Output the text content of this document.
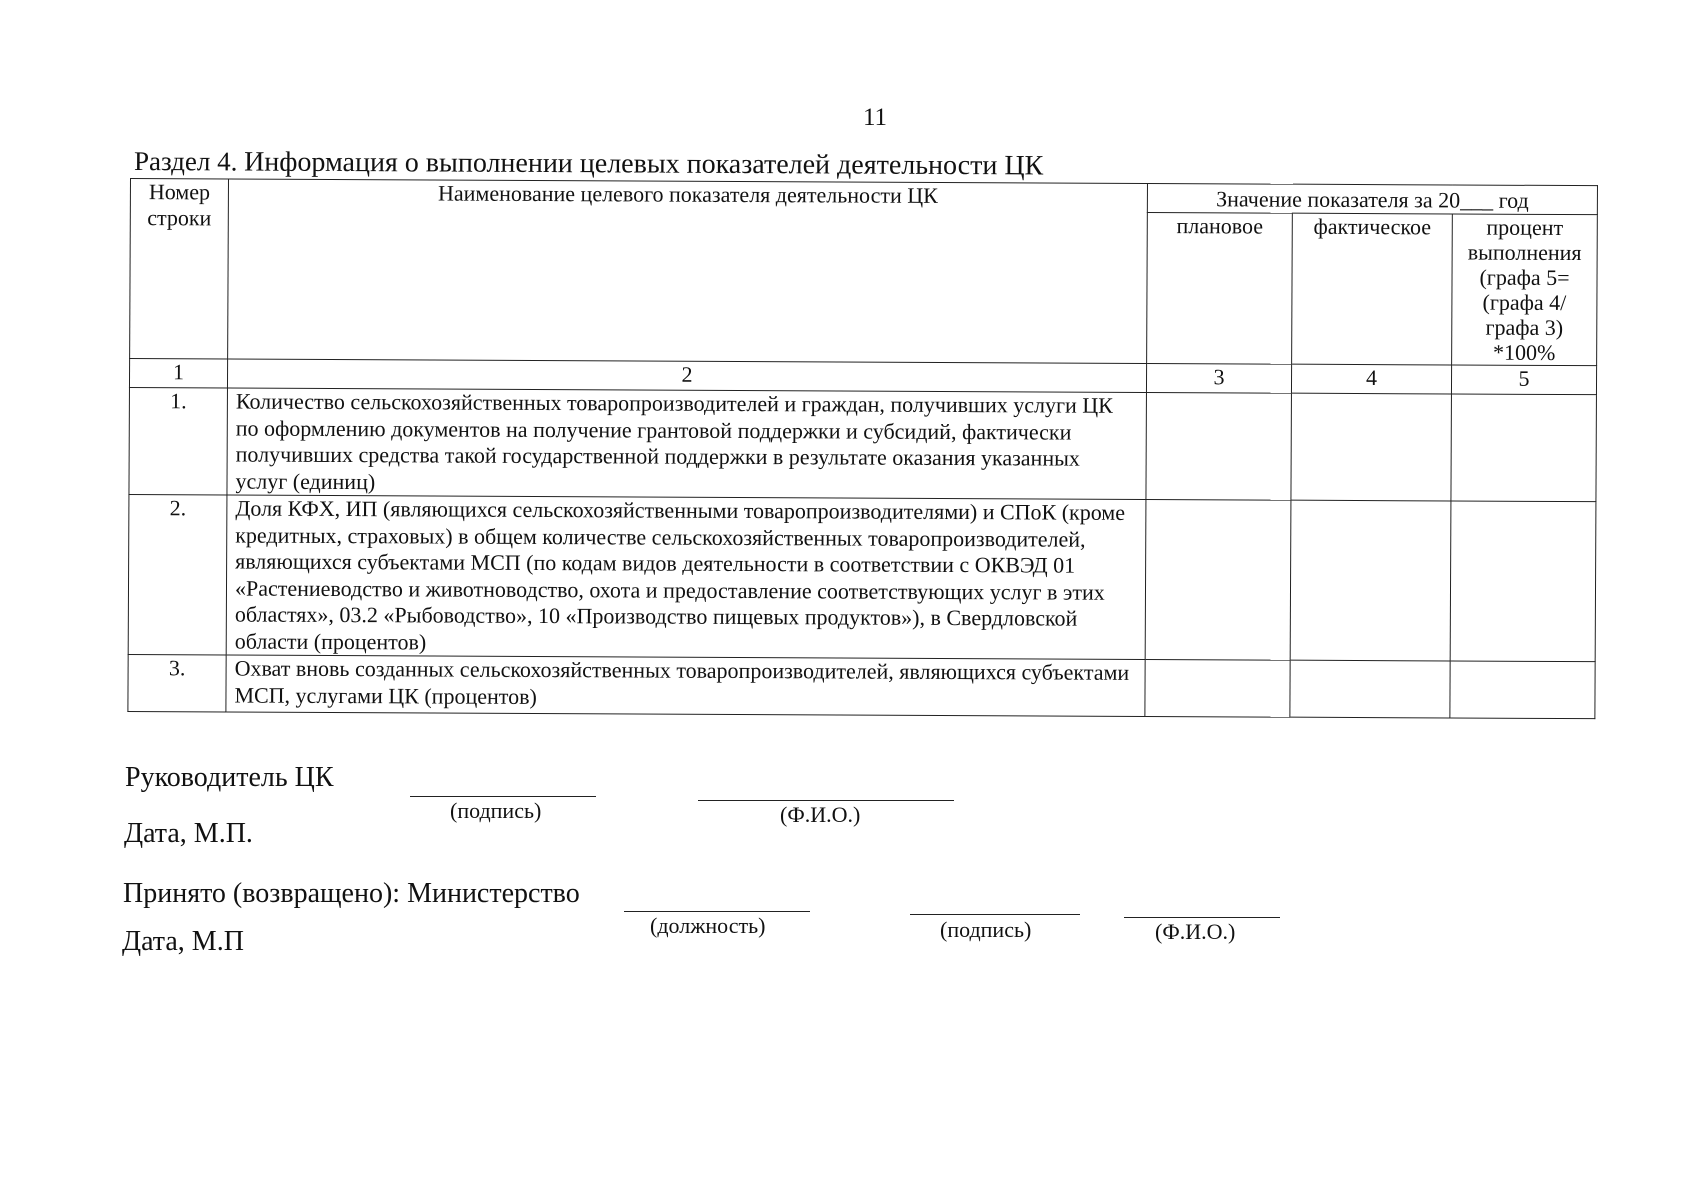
11
Раздел 4. Информация о выполнении целевых показателей деятельности ЦК
Номер строки	Наименование целевого показателя деятельности ЦК	Значение показателя за 20___ год		
		плановое	фактическое	процент выполнения (графа 5= (графа 4/ графа 3) *100%
1	2	3	4	5
1.	Количество сельскохозяйственных товаропроизводителей и граждан, получивших услуги ЦК по оформлению документов на получение грантовой поддержки и субсидий, фактически получивших средства такой государственной поддержки в результате оказания указанных услуг (единиц)			
2.	Доля КФХ, ИП (являющихся сельскохозяйственными товаропроизводителями) и СПоК (кроме кредитных, страховых) в общем количестве сельскохозяйственных товаропроизводителей, являющихся субъектами МСП (по кодам видов деятельности в соответствии с ОКВЭД 01 «Растениеводство и животноводство, охота и предоставление соответствующих услуг в этих областях», 03.2 «Рыбоводство», 10 «Производство пищевых продуктов»), в Свердловской области (процентов)			
3.	Охват вновь созданных сельскохозяйственных товаропроизводителей, являющихся субъектами МСП, услугами ЦК (процентов)			
Руководитель ЦК
(подпись)	(Ф.И.О.)
Дата, М.П.
Принято (возвращено): Министерство
(должность)	(подпись)	(Ф.И.О.)
Дата, М.П
